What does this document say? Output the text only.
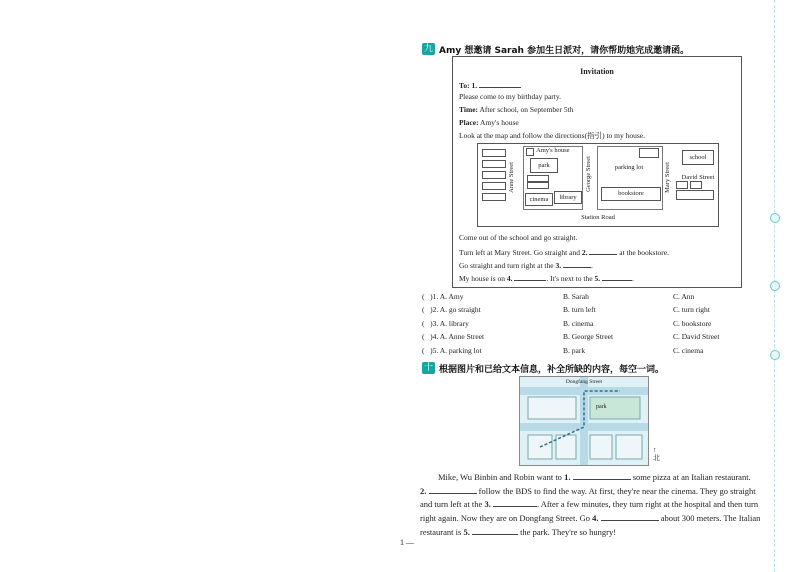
九 Amy 想邀请 Sarah 参加生日派对，请你帮助她完成邀请函。
Invitation
To: 1.
Please come to my birthday party.
Time: After school, on September 5th
Place: Amy's house
Look at the map and follow the directions(指引) to my house.
Anne Street
Amy's house
park
cinema	library
George Street	parking lot
bookstore
Mary Street
school
David Street
Station Road
Come out of the school and go straight.
Turn left at Mary Street. Go straight and 2.	at the bookstore.
Go straight and turn right at the 3.	.
My house is on 4.	. It's next to the 5.	.
( )1. A. Amy	B. Sarah	C. Ann
( )2. A. go straight	B. turn left	C. turn right
( )3. A. library	B. cinema	C. bookstore
( )4. A. Anne Street	B. George Street	C. David Street
( )5. A. parking lot	B. park	C. cinema
十 根据图片和已给文本信息，补全所缺的内容，每空一词。
Dongfang Street
park
↑
北
Mike, Wu Binbin and Robin want to 1.	some pizza at an Italian restaurant.
2.	follow the BDS to find the way. At first, they're near the cinema. They go straight
and turn left at the 3.	. After a few minutes, they turn right at the hospital and then turn
right again. Now they are on Dongfang Street. Go 4.	about 300 meters. The Italian
restaurant is 5.	the park. They're so hungry!
1 —
